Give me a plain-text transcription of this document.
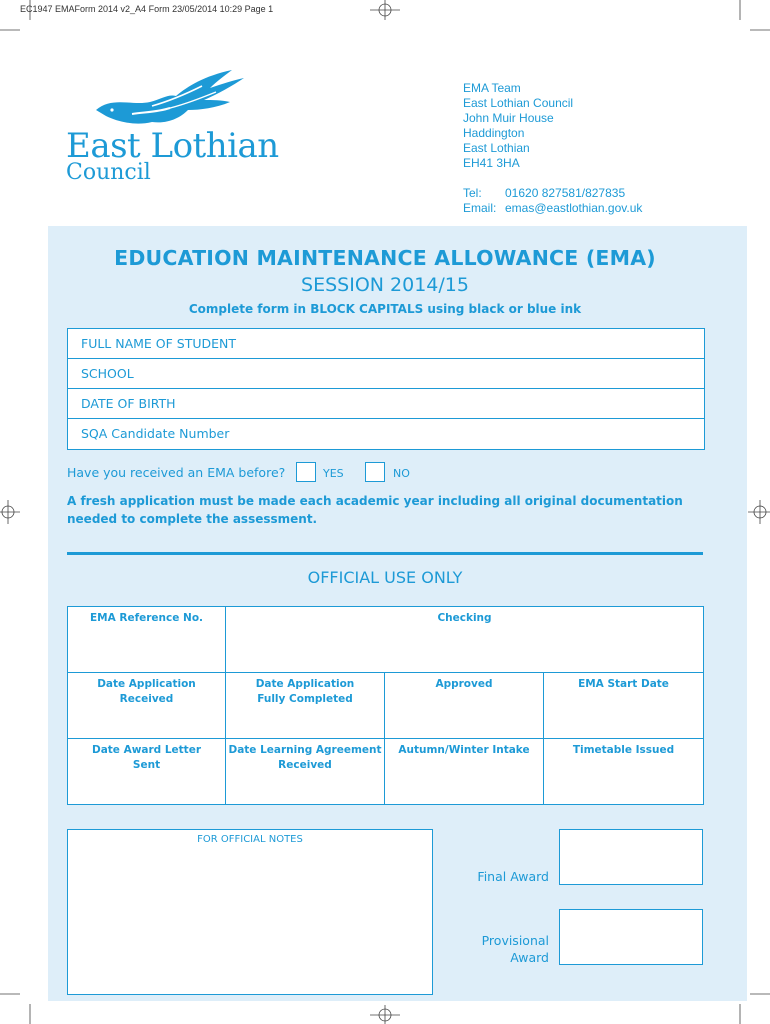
EC1947 EMAForm 2014 v2_A4 Form 23/05/2014 10:29 Page 1
East Lothian
Council
EMA Team
East Lothian Council
John Muir House
Haddington
East Lothian
EH41 3HA
Tel: 01620 827581/827835
Email: emas@eastlothian.gov.uk
EDUCATION MAINTENANCE ALLOWANCE (EMA)
SESSION 2014/15
Complete form in BLOCK CAPITALS using black or blue ink
FULL NAME OF STUDENT
SCHOOL
DATE OF BIRTH
SQA Candidate Number
Have you received an EMA before?	YES	NO
A fresh application must be made each academic year including all original documentation needed to complete the assessment.
OFFICIAL USE ONLY
EMA Reference No.	Checking		

Date Application Received	Date Application Fully Completed	Approved	EMA Start Date

Date Award Letter Sent	Date Learning Agreement Received	Autumn/Winter Intake	Timetable Issued
FOR OFFICIAL NOTES
Final Award
Provisional Award
